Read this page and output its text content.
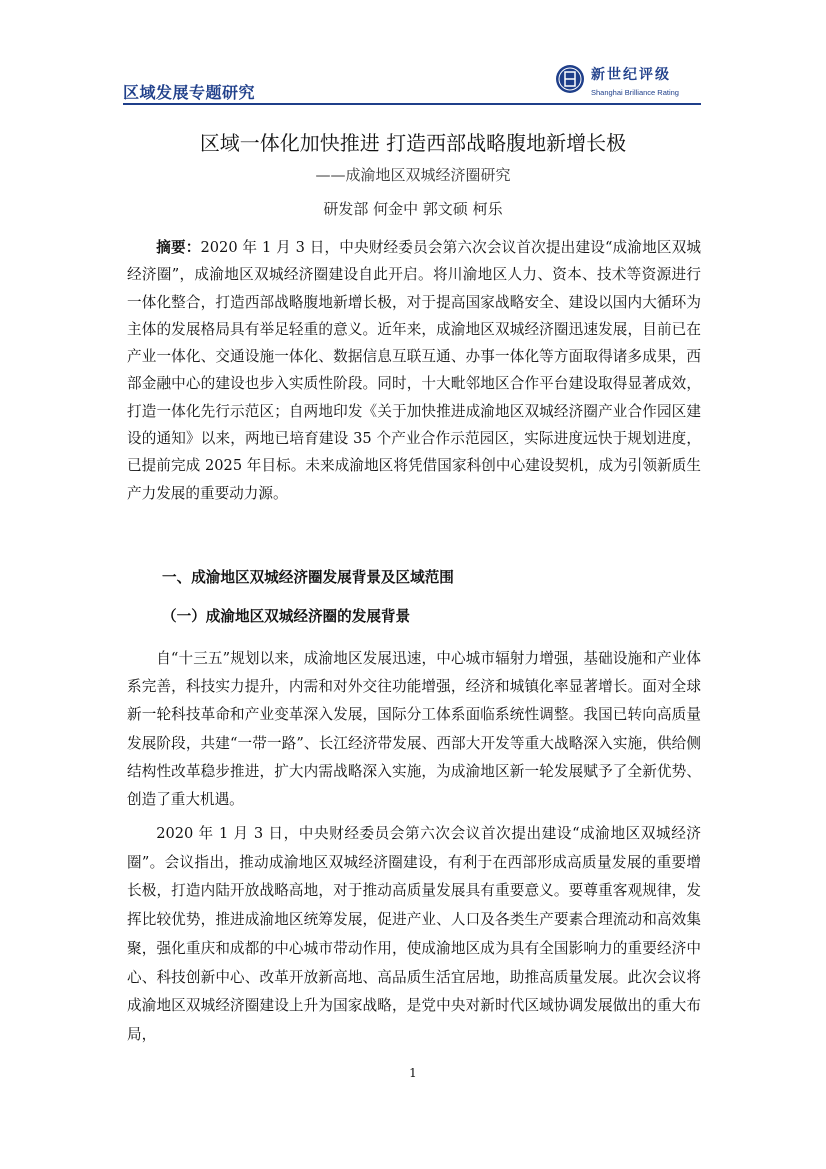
区域发展专题研究
新世纪评级
Shanghai Brilliance Rating
区域一体化加快推进 打造西部战略腹地新增长极
——成渝地区双城经济圈研究
研发部 何金中 郭文硕 柯乐

摘要：2020 年 1 月 3 日，中央财经委员会第六次会议首次提出建设“成渝地区双城经济圈”，成渝地区双城经济圈建设自此开启。将川渝地区人力、资本、技术等资源进行一体化整合，打造西部战略腹地新增长极，对于提高国家战略安全、建设以国内大循环为主体的发展格局具有举足轻重的意义。近年来，成渝地区双城经济圈迅速发展，目前已在产业一体化、交通设施一体化、数据信息互联互通、办事一体化等方面取得诸多成果，西部金融中心的建设也步入实质性阶段。同时，十大毗邻地区合作平台建设取得显著成效，打造一体化先行示范区；自两地印发《关于加快推进成渝地区双城经济圈产业合作园区建设的通知》以来，两地已培育建设 35 个产业合作示范园区，实际进度远快于规划进度，已提前完成 2025 年目标。未来成渝地区将凭借国家科创中心建设契机，成为引领新质生产力发展的重要动力源。

一、成渝地区双城经济圈发展背景及区域范围
（一）成渝地区双城经济圈的发展背景

自“十三五”规划以来，成渝地区发展迅速，中心城市辐射力增强，基础设施和产业体系完善，科技实力提升，内需和对外交往功能增强，经济和城镇化率显著增长。面对全球新一轮科技革命和产业变革深入发展，国际分工体系面临系统性调整。我国已转向高质量发展阶段，共建“一带一路”、长江经济带发展、西部大开发等重大战略深入实施，供给侧结构性改革稳步推进，扩大内需战略深入实施，为成渝地区新一轮发展赋予了全新优势、创造了重大机遇。

2020 年 1 月 3 日，中央财经委员会第六次会议首次提出建设“成渝地区双城经济圈”。会议指出，推动成渝地区双城经济圈建设，有利于在西部形成高质量发展的重要增长极，打造内陆开放战略高地，对于推动高质量发展具有重要意义。要尊重客观规律，发挥比较优势，推进成渝地区统筹发展，促进产业、人口及各类生产要素合理流动和高效集聚，强化重庆和成都的中心城市带动作用，使成渝地区成为具有全国影响力的重要经济中心、科技创新中心、改革开放新高地、高品质生活宜居地，助推高质量发展。此次会议将成渝地区双城经济圈建设上升为国家战略，是党中央对新时代区域协调发展做出的重大布局，

1
